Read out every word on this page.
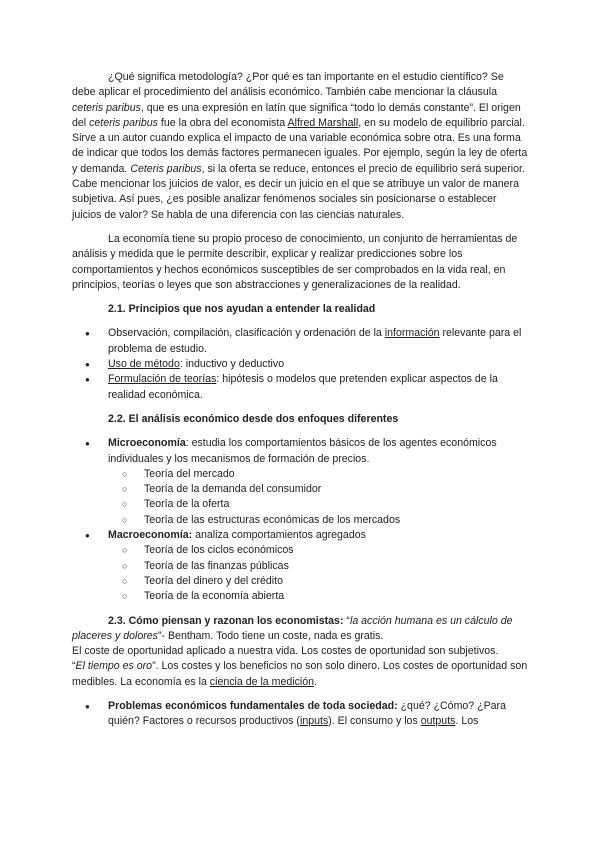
¿Qué significa metodología? ¿Por qué es tan importante en el estudio científico? Se debe aplicar el procedimiento del análisis económico. También cabe mencionar la cláusula ceteris paribus, que es una expresión en latín que significa “todo lo demás constante”. El origen del ceteris paribus fue la obra del economista Alfred Marshall, en su modelo de equilibrio parcial. Sirve a un autor cuando explica el impacto de una variable económica sobre otra. Es una forma de indicar que todos los demás factores permanecen iguales. Por ejemplo, según la ley de oferta y demanda. Ceteris paribus, si la oferta se reduce, entonces el precio de equilibrio será superior. Cabe mencionar los juicios de valor, es decir un juicio en el que se atribuye un valor de manera subjetiva. Así pues, ¿es posible analizar fenómenos sociales sin posicionarse o establecer juicios de valor? Se habla de una diferencia con las ciencias naturales.

La economía tiene su propio proceso de conocimiento, un conjunto de herramientas de análisis y medida que le permite describir, explicar y realizar predicciones sobre los comportamientos y hechos económicos susceptibles de ser comprobados en la vida real, en principios, teorías o leyes que son abstracciones y generalizaciones de la realidad.

2.1. Principios que nos ayudan a entender la realidad

● Observación, compilación, clasificación y ordenación de la información relevante para el problema de estudio.
● Uso de método: inductivo y deductivo
● Formulación de teorías: hipótesis o modelos que pretenden explicar aspectos de la realidad económica.

2.2. El análisis económico desde dos enfoques diferentes

● Microeconomía: estudia los comportamientos básicos de los agentes económicos individuales y los mecanismos de formación de precios.
○ Teoría del mercado
○ Teoría de la demanda del consumidor
○ Teoría de la oferta
○ Teoría de las estructuras económicas de los mercados
● Macroeconomía: analiza comportamientos agregados
○ Teoría de los ciclos económicos
○ Teoría de las finanzas públicas
○ Teoría del dinero y del crédito
○ Teoría de la economía abierta

2.3. Cómo piensan y razonan los economistas: “la acción humana es un cálculo de placeres y dolores”- Bentham. Todo tiene un coste, nada es gratis.

El coste de oportunidad aplicado a nuestra vida. Los costes de oportunidad son subjetivos.

“El tiempo es oro”. Los costes y los beneficios no son solo dinero. Los costes de oportunidad son medibles. La economía es la ciencia de la medición.

● Problemas económicos fundamentales de toda sociedad: ¿qué? ¿Cómo? ¿Para quién? Factores o recursos productivos (inputs). El consumo y los outputs. Los
